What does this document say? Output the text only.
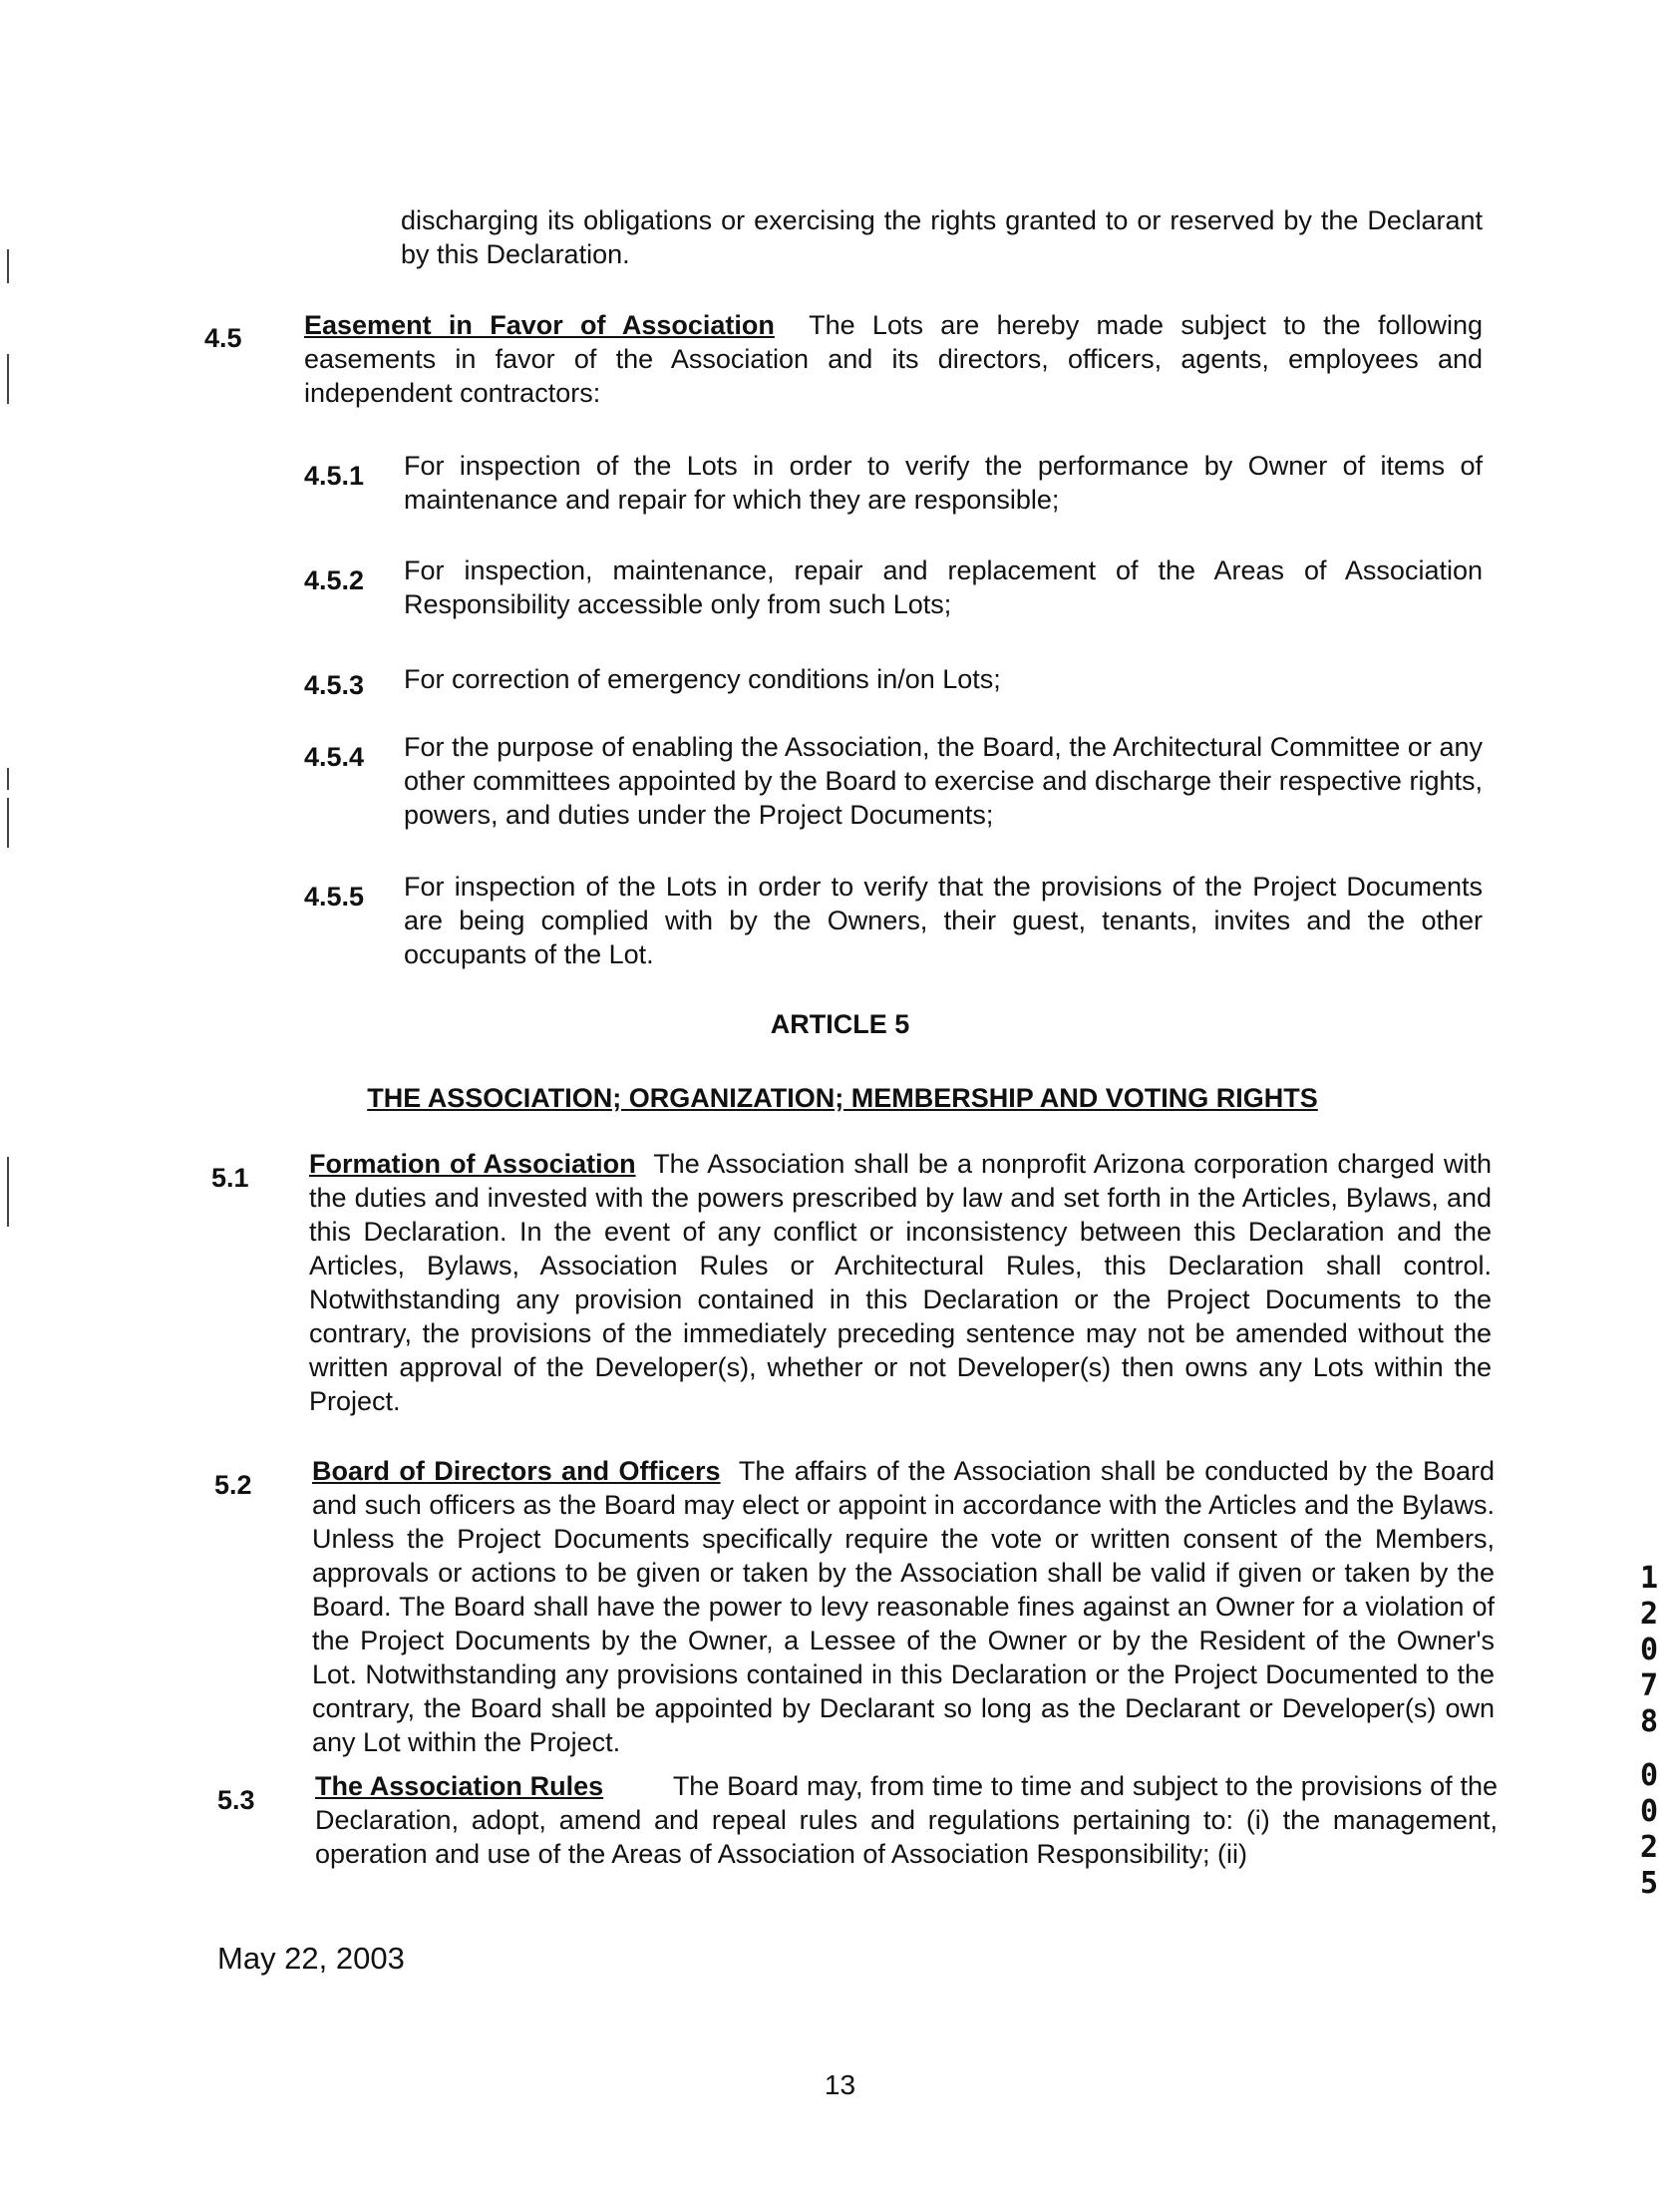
discharging its obligations or exercising the rights granted to or reserved by the Declarant by this Declaration.

4.5 Easement in Favor of Association The Lots are hereby made subject to the following easements in favor of the Association and its directors, officers, agents, employees and independent contractors:

4.5.1 For inspection of the Lots in order to verify the performance by Owner of items of maintenance and repair for which they are responsible;

4.5.2 For inspection, maintenance, repair and replacement of the Areas of Association Responsibility accessible only from such Lots;

4.5.3 For correction of emergency conditions in/on Lots;

4.5.4 For the purpose of enabling the Association, the Board, the Architectural Committee or any other committees appointed by the Board to exercise and discharge their respective rights, powers, and duties under the Project Documents;

4.5.5 For inspection of the Lots in order to verify that the provisions of the Project Documents are being complied with by the Owners, their guest, tenants, invites and the other occupants of the Lot.

ARTICLE 5
THE ASSOCIATION; ORGANIZATION; MEMBERSHIP AND VOTING RIGHTS
5.1 Formation of Association The Association shall be a nonprofit Arizona corporation charged with the duties and invested with the powers prescribed by law and set forth in the Articles, Bylaws, and this Declaration. In the event of any conflict or inconsistency between this Declaration and the Articles, Bylaws, Association Rules or Architectural Rules, this Declaration shall control. Notwithstanding any provision contained in this Declaration or the Project Documents to the contrary, the provisions of the immediately preceding sentence may not be amended without the written approval of the Developer(s), whether or not Developer(s) then owns any Lots within the Project.

5.2 Board of Directors and Officers The affairs of the Association shall be conducted by the Board and such officers as the Board may elect or appoint in accordance with the Articles and the Bylaws. Unless the Project Documents specifically require the vote or written consent of the Members, approvals or actions to be given or taken by the Association shall be valid if given or taken by the Board. The Board shall have the power to levy reasonable fines against an Owner for a violation of the Project Documents by the Owner, a Lessee of the Owner or by the Resident of the Owner's Lot. Notwithstanding any provisions contained in this Declaration or the Project Documented to the contrary, the Board shall be appointed by Declarant so long as the Declarant or Developer(s) own any Lot within the Project.

5.3 The Association Rules	The Board may, from time to time and subject to the provisions of the Declaration, adopt, amend and repeal rules and regulations pertaining to: (i) the management, operation and use of the Areas of Association of Association Responsibility; (ii)

1
2
0
7
8
0
0
2
5
May 22, 2003
13
